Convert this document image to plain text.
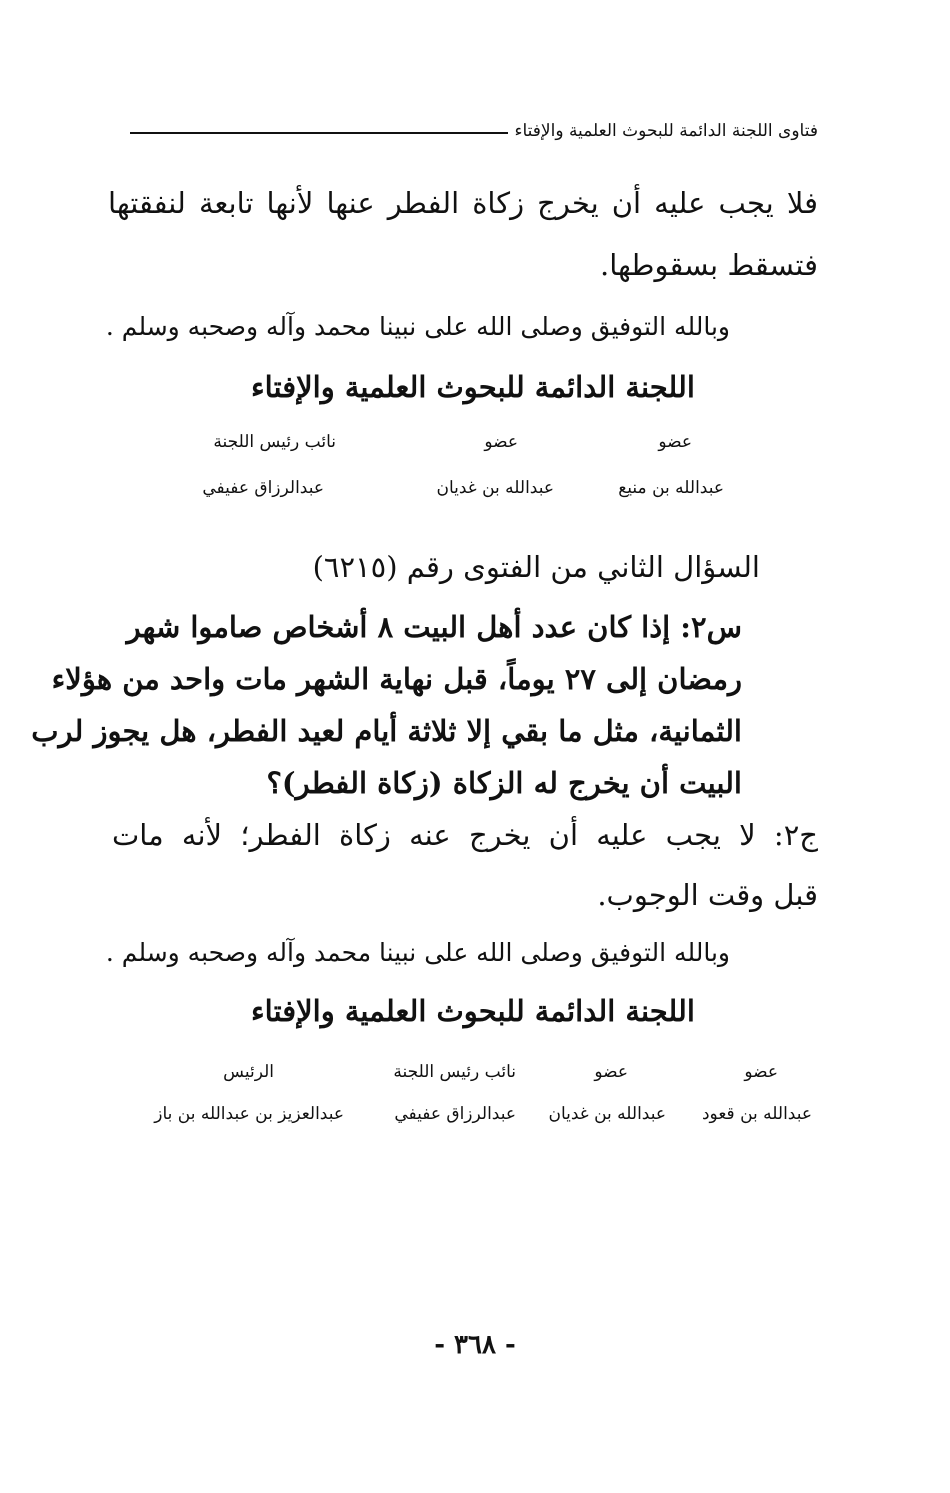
فتاوى اللجنة الدائمة للبحوث العلمية والإفتاء
فلا يجب عليه أن يخرج زكاة الفطر عنها لأنها تابعة لنفقتها
فتسقط بسقوطها.
وبالله التوفيق وصلى الله على نبينا محمد وآله وصحبه وسلم .
اللجنة الدائمة للبحوث العلمية والإفتاء
عضو
عضو
نائب رئيس اللجنة
عبدالله بن منيع
عبدالله بن غديان
عبدالرزاق عفيفي
السؤال الثاني من الفتوى رقم (٦٢١٥)
س٢: إذا كان عدد أهل البيت ٨ أشخاص صاموا شهر
رمضان إلى ٢٧ يوماً، قبل نهاية الشهر مات واحد من هؤلاء
الثمانية، مثل ما بقي إلا ثلاثة أيام لعيد الفطر، هل يجوز لرب
البيت أن يخرج له الزكاة (زكاة الفطر)؟
ج٢: لا يجب عليه أن يخرج عنه زكاة الفطر؛ لأنه مات
قبل وقت الوجوب.
وبالله التوفيق وصلى الله على نبينا محمد وآله وصحبه وسلم .
اللجنة الدائمة للبحوث العلمية والإفتاء
عضو
عضو
نائب رئيس اللجنة
الرئيس
عبدالله بن قعود
عبدالله بن غديان
عبدالرزاق عفيفي
عبدالعزيز بن عبدالله بن باز
- ٣٦٨ -
